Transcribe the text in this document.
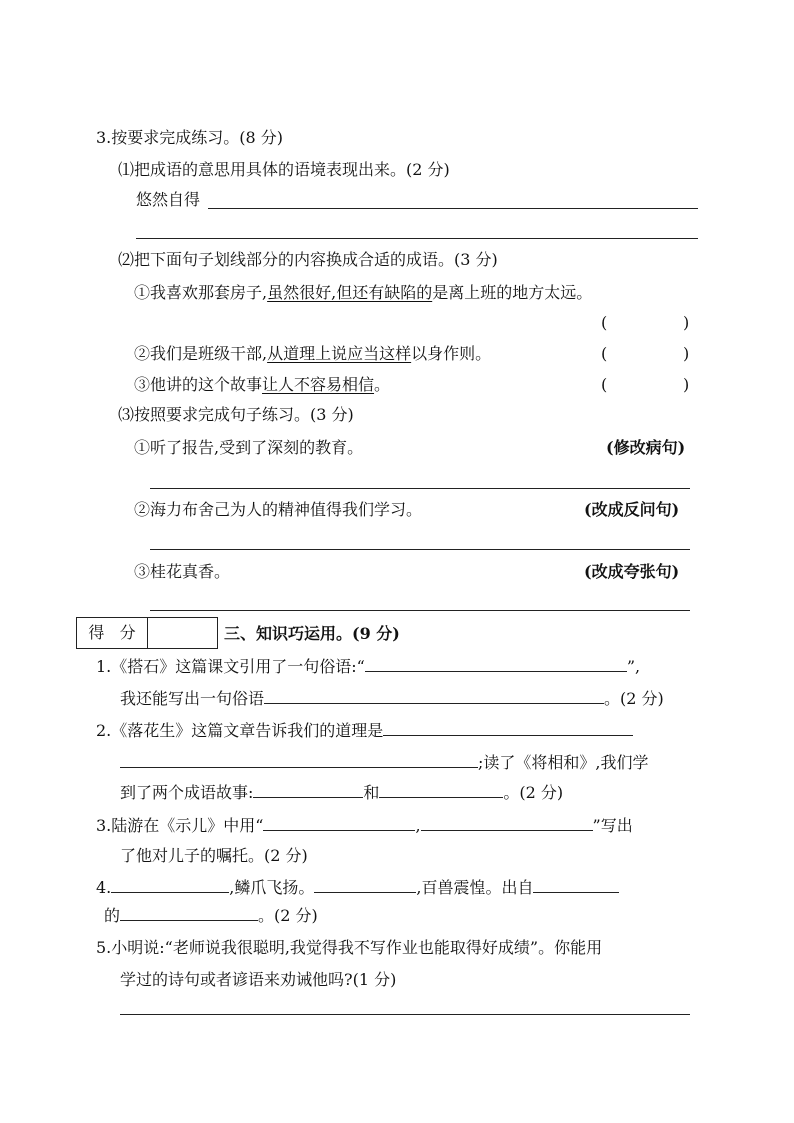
3.按要求完成练习。(8 分)
⑴把成语的意思用具体的语境表现出来。(2 分)
悠然自得
⑵把下面句子划线部分的内容换成合适的成语。(3 分)
①我喜欢那套房子,虽然很好,但还有缺陷的是离上班的地方太远。
(	)
②我们是班级干部,从道理上说应当这样以身作则。	(	)
③他讲的这个故事让人不容易相信。	(	)
⑶按照要求完成句子练习。(3 分)
①听了报告,受到了深刻的教育。	(修改病句)
②海力布舍己为人的精神值得我们学习。	(改成反问句)
③桂花真香。	(改成夸张句)
得 分	三、知识巧运用。(9 分)
1.《搭石》这篇课文引用了一句俗语:“	”,
我还能写出一句俗语	。(2 分)
2.《落花生》这篇文章告诉我们的道理是
;读了《将相和》,我们学
到了两个成语故事:	和	。(2 分)
3.陆游在《示儿》中用“	,	”写出
了他对儿子的嘱托。(2 分)
4.	,鳞爪飞扬。	,百兽震惶。出自
的	。(2 分)
5.小明说:“老师说我很聪明,我觉得我不写作业也能取得好成绩”。你能用
学过的诗句或者谚语来劝诫他吗?(1 分)
